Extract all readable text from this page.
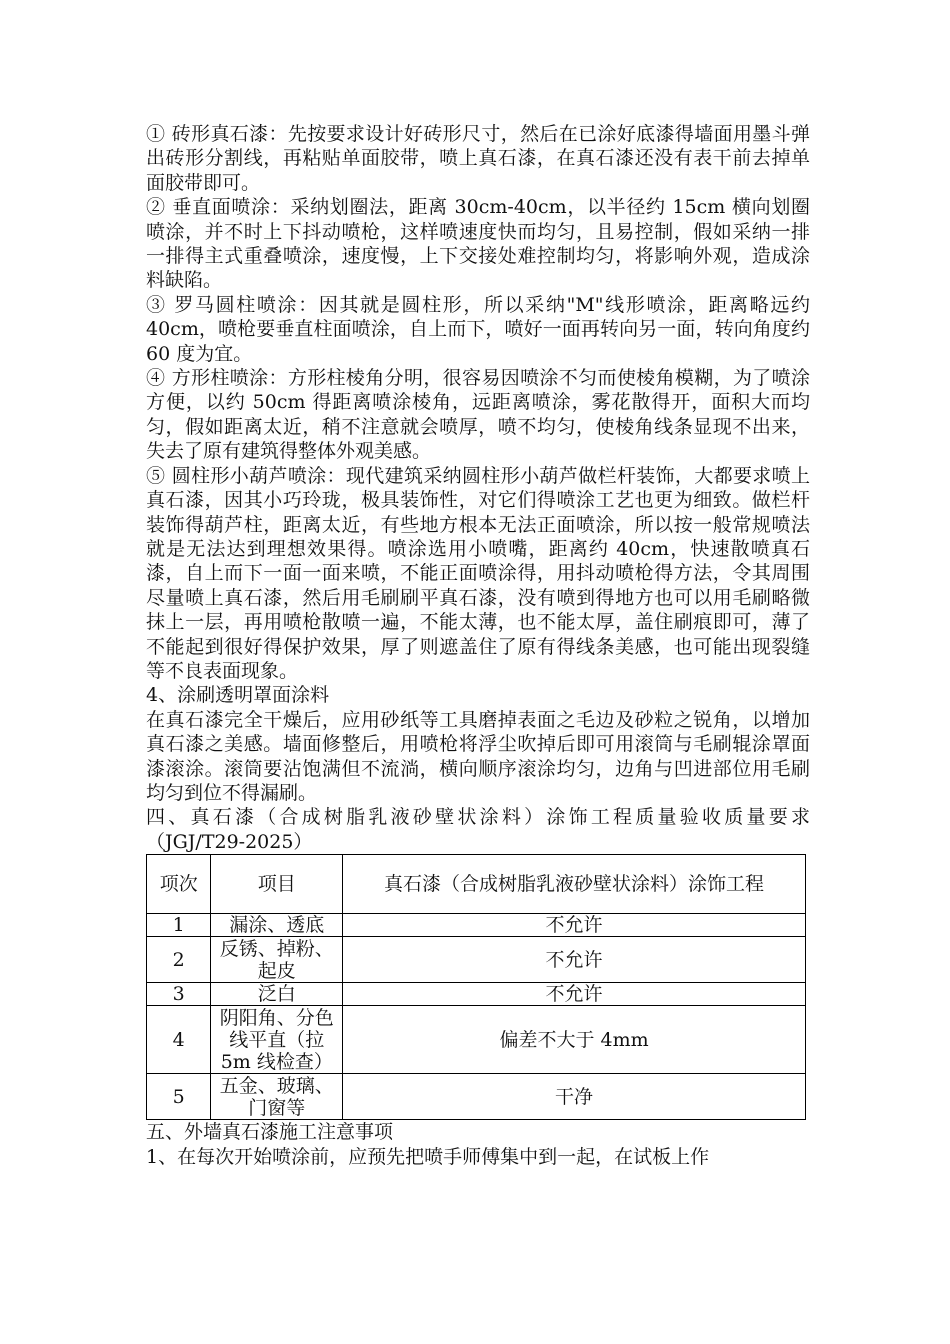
① 砖形真石漆：先按要求设计好砖形尺寸，然后在已涂好底漆得墙面用墨斗弹出砖形分割线，再粘贴单面胶带，喷上真石漆，在真石漆还没有表干前去掉单面胶带即可。

② 垂直面喷涂：采纳划圈法，距离 30cm-40cm，以半径约 15cm 横向划圈喷涂，并不时上下抖动喷枪，这样喷速度快而均匀，且易控制，假如采纳一排一排得主式重叠喷涂，速度慢，上下交接处难控制均匀，将影响外观，造成涂料缺陷。

③ 罗马圆柱喷涂：因其就是圆柱形，所以采纳"M"线形喷涂，距离略远约 40cm，喷枪要垂直柱面喷涂，自上而下，喷好一面再转向另一面，转向角度约 60 度为宜。

④ 方形柱喷涂：方形柱棱角分明，很容易因喷涂不匀而使棱角模糊，为了喷涂方便，以约 50cm 得距离喷涂棱角，远距离喷涂，雾花散得开，面积大而均匀，假如距离太近，稍不注意就会喷厚，喷不均匀，使棱角线条显现不出来，失去了原有建筑得整体外观美感。

⑤ 圆柱形小葫芦喷涂：现代建筑采纳圆柱形小葫芦做栏杆装饰，大都要求喷上真石漆，因其小巧玲珑，极具装饰性，对它们得喷涂工艺也更为细致。做栏杆装饰得葫芦柱，距离太近，有些地方根本无法正面喷涂，所以按一般常规喷法就是无法达到理想效果得。喷涂选用小喷嘴，距离约 40cm，快速散喷真石漆，自上而下一面一面来喷，不能正面喷涂得，用抖动喷枪得方法，令其周围尽量喷上真石漆，然后用毛刷刷平真石漆，没有喷到得地方也可以用毛刷略微抹上一层，再用喷枪散喷一遍，不能太薄，也不能太厚，盖住刷痕即可，薄了不能起到很好得保护效果，厚了则遮盖住了原有得线条美感，也可能出现裂缝等不良表面现象。

4、涂刷透明罩面涂料

在真石漆完全干燥后，应用砂纸等工具磨掉表面之毛边及砂粒之锐角，以增加真石漆之美感。墙面修整后，用喷枪将浮尘吹掉后即可用滚筒与毛刷辊涂罩面漆滚涂。滚筒要沾饱满但不流淌，横向顺序滚涂均匀，边角与凹进部位用毛刷均匀到位不得漏刷。

四、真石漆（合成树脂乳液砂壁状涂料）涂饰工程质量验收质量要求（JGJ/T29-2025）

项次	项目	真石漆（合成树脂乳液砂壁状涂料）涂饰工程
1	漏涂、透底	不允许
2	反锈、掉粉、起皮	不允许
3	泛白	不允许
4	阴阳角、分色线平直（拉 5m 线检查）	偏差不大于 4mm
5	五金、玻璃、门窗等	干净

五、外墙真石漆施工注意事项

1、在每次开始喷涂前，应预先把喷手师傅集中到一起，在试板上作
